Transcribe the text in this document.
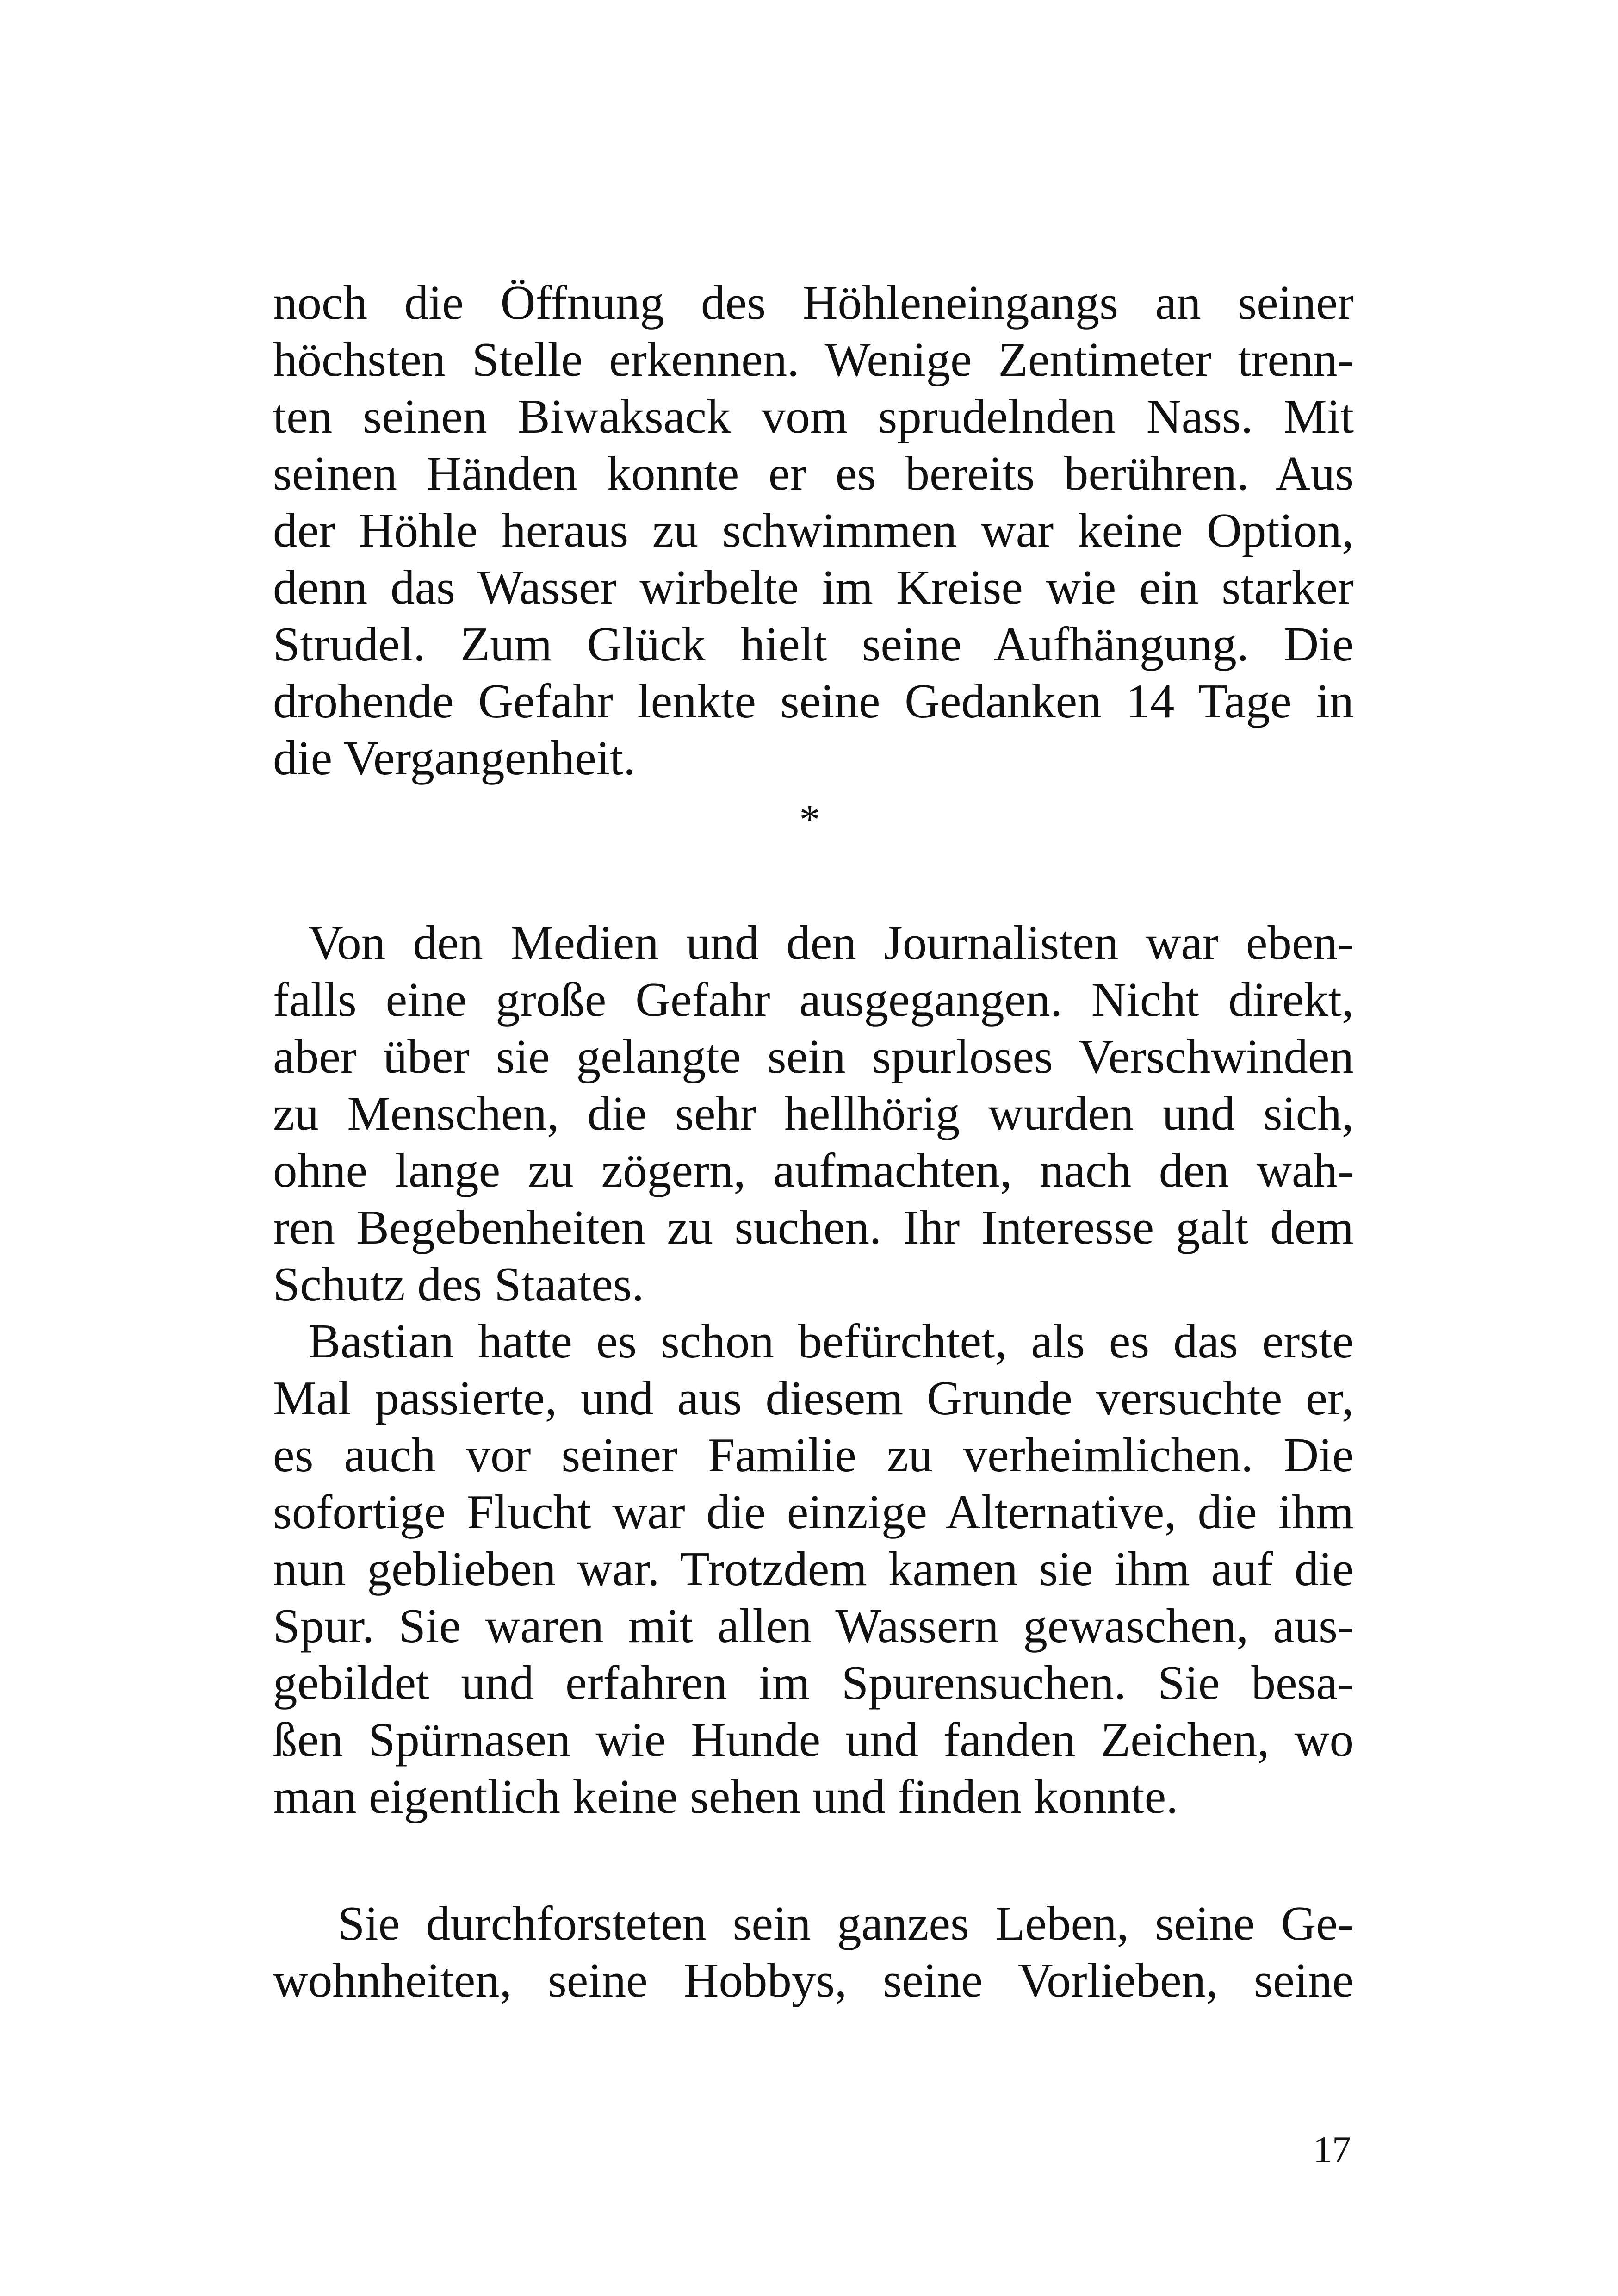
noch die Öffnung des Höhleneingangs an seiner
höchsten Stelle erkennen. Wenige Zentimeter trenn-
ten seinen Biwaksack vom sprudelnden Nass. Mit
seinen Händen konnte er es bereits berühren. Aus
der Höhle heraus zu schwimmen war keine Option,
denn das Wasser wirbelte im Kreise wie ein starker
Strudel. Zum Glück hielt seine Aufhängung. Die
drohende Gefahr lenkte seine Gedanken 14 Tage in
die Vergangenheit.
*
Von den Medien und den Journalisten war eben-
falls eine große Gefahr ausgegangen. Nicht direkt,
aber über sie gelangte sein spurloses Verschwinden
zu Menschen, die sehr hellhörig wurden und sich,
ohne lange zu zögern, aufmachten, nach den wah-
ren Begebenheiten zu suchen. Ihr Interesse galt dem
Schutz des Staates.
Bastian hatte es schon befürchtet, als es das erste
Mal passierte, und aus diesem Grunde versuchte er,
es auch vor seiner Familie zu verheimlichen. Die
sofortige Flucht war die einzige Alternative, die ihm
nun geblieben war. Trotzdem kamen sie ihm auf die
Spur. Sie waren mit allen Wassern gewaschen, aus-
gebildet und erfahren im Spurensuchen. Sie besa-
ßen Spürnasen wie Hunde und fanden Zeichen, wo
man eigentlich keine sehen und finden konnte.
Sie durchforsteten sein ganzes Leben, seine Ge-
wohnheiten, seine Hobbys, seine Vorlieben, seine
17
